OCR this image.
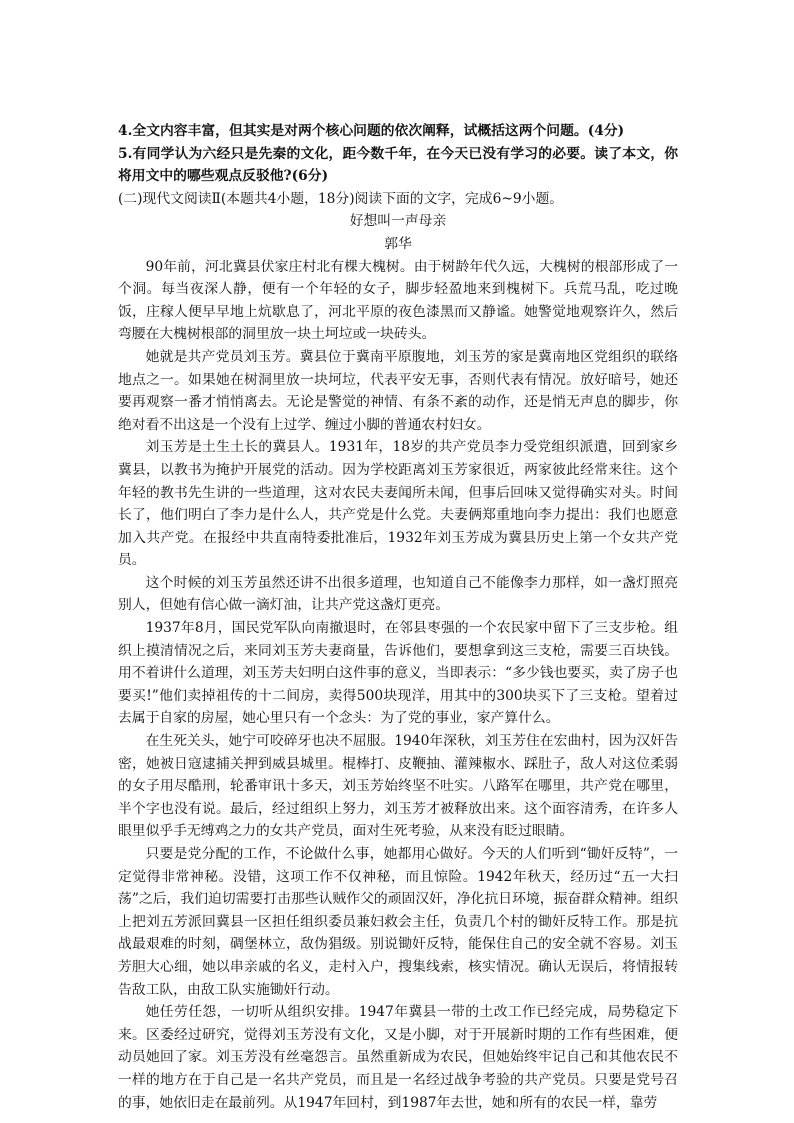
4.全文内容丰富，但其实是对两个核心问题的依次阐释，试概括这两个问题。(4分)

5.有同学认为六经只是先秦的文化，距今数千年，在今天已没有学习的必要。读了本文，你将用文中的哪些观点反驳他?(6分)

(二)现代文阅读Ⅱ(本题共4小题，18分)阅读下面的文字，完成6~9小题。

好想叫一声母亲

郭华

90年前，河北冀县伏家庄村北有棵大槐树。由于树龄年代久远，大槐树的根部形成了一个洞。每当夜深人静，便有一个年轻的女子，脚步轻盈地来到槐树下。兵荒马乱，吃过晚饭，庄稼人便早早地上炕歇息了，河北平原的夜色漆黑而又静谧。她警觉地观察许久，然后弯腰在大槐树根部的洞里放一块土坷垃或一块砖头。

她就是共产党员刘玉芳。冀县位于冀南平原腹地，刘玉芳的家是冀南地区党组织的联络地点之一。如果她在树洞里放一块坷垃，代表平安无事，否则代表有情况。放好暗号，她还要再观察一番才悄悄离去。无论是警觉的神情、有条不紊的动作，还是悄无声息的脚步，你绝对看不出这是一个没有上过学、缠过小脚的普通农村妇女。

刘玉芳是土生土长的冀县人。1931年，18岁的共产党员李力受党组织派遣，回到家乡冀县，以教书为掩护开展党的活动。因为学校距离刘玉芳家很近，两家彼此经常来往。这个年轻的教书先生讲的一些道理，这对农民夫妻闻所未闻，但事后回味又觉得确实对头。时间长了，他们明白了李力是什么人，共产党是什么党。夫妻俩郑重地向李力提出：我们也愿意加入共产党。在报经中共直南特委批准后，1932年刘玉芳成为冀县历史上第一个女共产党员。

这个时候的刘玉芳虽然还讲不出很多道理，也知道自己不能像李力那样，如一盏灯照亮别人，但她有信心做一滴灯油，让共产党这盏灯更亮。

1937年8月，国民党军队向南撤退时，在邻县枣强的一个农民家中留下了三支步枪。组织上摸清情况之后，来同刘玉芳夫妻商量，告诉他们，要想拿到这三支枪，需要三百块钱。用不着讲什么道理，刘玉芳夫妇明白这件事的意义，当即表示：“多少钱也要买，卖了房子也要买!”他们卖掉祖传的十二间房，卖得500块现洋，用其中的300块买下了三支枪。望着过去属于自家的房屋，她心里只有一个念头：为了党的事业，家产算什么。

在生死关头，她宁可咬碎牙也决不屈服。1940年深秋，刘玉芳住在宏曲村，因为汉奸告密，她被日寇逮捕关押到威县城里。棍棒打、皮鞭抽、灌辣椒水、踩肚子，敌人对这位柔弱的女子用尽酷刑，轮番审讯十多天，刘玉芳始终坚不吐实。八路军在哪里，共产党在哪里，半个字也没有说。最后，经过组织上努力，刘玉芳才被释放出来。这个面容清秀，在许多人眼里似乎手无缚鸡之力的女共产党员，面对生死考验，从来没有眨过眼睛。

只要是党分配的工作，不论做什么事，她都用心做好。今天的人们听到“锄奸反特”，一定觉得非常神秘。没错，这项工作不仅神秘，而且惊险。1942年秋天，经历过“五一大扫荡”之后，我们迫切需要打击那些认贼作父的顽固汉奸，净化抗日环境，振奋群众精神。组织上把刘五芳派回冀县一区担任组织委员兼妇救会主任，负责几个村的锄奸反特工作。那是抗战最艰难的时刻，碉堡林立，敌伪猖级。别说锄奸反特，能保住自己的安全就不容易。刘玉芳胆大心细，她以串亲戚的名义，走村入户，搜集线索，核实情况。确认无误后，将情报转告敌工队，由敌工队实施锄奸行动。

她任劳任怨，一切听从组织安排。1947年冀县一带的土改工作已经完成，局势稳定下来。区委经过研究，觉得刘玉芳没有文化，又是小脚，对于开展新时期的工作有些困难，便动员她回了家。刘玉芳没有丝毫怨言。虽然重新成为农民，但她始终牢记自己和其他农民不一样的地方在于自己是一名共产党员，而且是一名经过战争考验的共产党员。只要是党号召的事，她依旧走在最前列。从1947年回村，到1987年去世，她和所有的农民一样，靠劳
